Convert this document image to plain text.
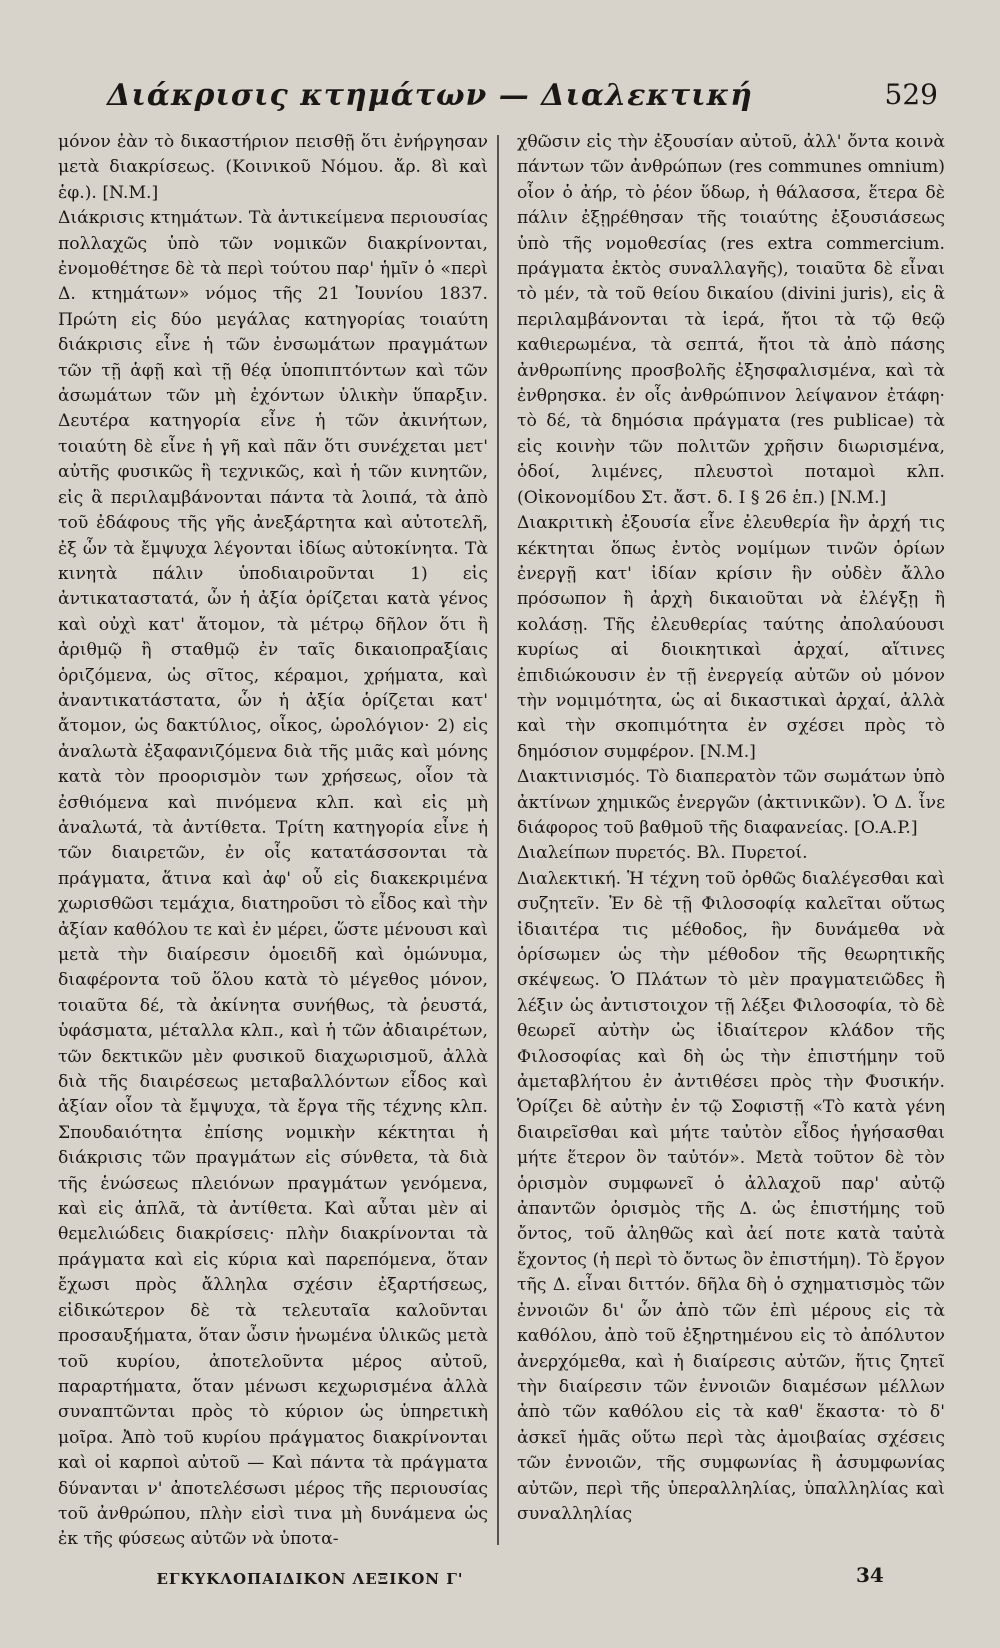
Διάκρισις κτημάτων — Διαλεκτική	529

μόνον ἐὰν τὸ δικαστήριον πεισθῇ ὅτι ἐνήργησαν μετὰ διακρίσεως. (Κοινικοῦ Νόμου. ἄρ. 8ὶ καὶ ἑφ.). [N.M.]

Διάκρισις κτημάτων. Τὰ ἀντικείμενα περιουσίας πολλαχῶς ὑπὸ τῶν νομικῶν διακρίνονται, ἐνομοθέτησε δὲ τὰ περὶ τούτου παρ' ἡμῖν ὁ «περὶ Δ. κτημάτων» νόμος τῆς 21 Ἰουνίου 1837. Πρώτη εἰς δύο μεγάλας κατηγορίας τοιαύτη διάκρισις εἶνε ἡ τῶν ἐνσωμάτων πραγμάτων τῶν τῇ ἁφῇ καὶ τῇ θέᾳ ὑποπιπτόντων καὶ τῶν ἀσωμάτων τῶν μὴ ἐχόντων ὑλικὴν ὕπαρξιν. Δευτέρα κατηγορία εἶνε ἡ τῶν ἀκινήτων, τοιαύτη δὲ εἶνε ἡ γῆ καὶ πᾶν ὅτι συνέχεται μετ' αὐτῆς φυσικῶς ἢ τεχνικῶς, καὶ ἡ τῶν κινητῶν, εἰς ἃ περιλαμβάνονται πάντα τὰ λοιπά, τὰ ἀπὸ τοῦ ἐδάφους τῆς γῆς ἀνεξάρτητα καὶ αὐτοτελῆ, ἐξ ὧν τὰ ἔμψυχα λέγονται ἰδίως αὐτοκίνητα. Τὰ κινητὰ πάλιν ὑποδιαιροῦνται 1) εἰς ἀντικαταστατά, ὧν ἡ ἀξία ὁρίζεται κατὰ γένος καὶ οὐχὶ κατ' ἄτομον, τὰ μέτρῳ δῆλον ὅτι ἢ ἀριθμῷ ἢ σταθμῷ ἐν ταῖς δικαιοπραξίαις ὁριζόμενα, ὡς σῖτος, κέραμοι, χρήματα, καὶ ἀναντικατάστατα, ὧν ἡ ἀξία ὁρίζεται κατ' ἄτομον, ὡς δακτύλιος, οἶκος, ὡρολόγιον· 2) εἰς ἀναλωτὰ ἐξαφανιζόμενα διὰ τῆς μιᾶς καὶ μόνης κατὰ τὸν προορισμὸν των χρήσεως, οἷον τὰ ἐσθιόμενα καὶ πινόμενα κλπ. καὶ εἰς μὴ ἀναλωτά, τὰ ἀντίθετα. Τρίτη κατηγορία εἶνε ἡ τῶν διαιρετῶν, ἐν οἷς κατατάσσονται τὰ πράγματα, ἅτινα καὶ ἀφ' οὗ εἰς διακεκριμένα χωρισθῶσι τεμάχια, διατηροῦσι τὸ εἶδος καὶ τὴν ἀξίαν καθόλου τε καὶ ἐν μέρει, ὥστε μένουσι καὶ μετὰ τὴν διαίρεσιν ὁμοειδῆ καὶ ὁμώνυμα, διαφέροντα τοῦ ὅλου κατὰ τὸ μέγεθος μόνον, τοιαῦτα δέ, τὰ ἀκίνητα συνήθως, τὰ ῥευστά, ὑφάσματα, μέταλλα κλπ., καὶ ἡ τῶν ἀδιαιρέτων, τῶν δεκτικῶν μὲν φυσικοῦ διαχωρισμοῦ, ἀλλὰ διὰ τῆς διαιρέσεως μεταβαλλόντων εἶδος καὶ ἀξίαν οἷον τὰ ἔμψυχα, τὰ ἔργα τῆς τέχνης κλπ. Σπουδαιότητα ἐπίσης νομικὴν κέκτηται ἡ διάκρισις τῶν πραγμάτων εἰς σύνθετα, τὰ διὰ τῆς ἑνώσεως πλειόνων πραγμάτων γενόμενα, καὶ εἰς ἁπλᾶ, τὰ ἀντίθετα. Καὶ αὗται μὲν αἱ θεμελιώδεις διακρίσεις· πλὴν διακρίνονται τὰ πράγματα καὶ εἰς κύρια καὶ παρεπόμενα, ὅταν ἔχωσι πρὸς ἄλληλα σχέσιν ἐξαρτήσεως, εἰδικώτερον δὲ τὰ τελευταῖα καλοῦνται προσαυξήματα, ὅταν ὦσιν ἡνωμένα ὑλικῶς μετὰ τοῦ κυρίου, ἀποτελοῦντα μέρος αὐτοῦ, παραρτήματα, ὅταν μένωσι κεχωρισμένα ἀλλὰ συναπτῶνται πρὸς τὸ κύριον ὡς ὑπηρετικὴ μοῖρα. Ἀπὸ τοῦ κυρίου πράγματος διακρίνονται καὶ οἱ καρποὶ αὐτοῦ — Καὶ πάντα τὰ πράγματα δύνανται ν' ἀποτελέσωσι μέρος τῆς περιουσίας τοῦ ἀνθρώπου, πλὴν εἰσὶ τινα μὴ δυνάμενα ὡς ἐκ τῆς φύσεως αὐτῶν νὰ ὑποτα-

χθῶσιν εἰς τὴν ἐξουσίαν αὐτοῦ, ἀλλ' ὄντα κοινὰ πάντων τῶν ἀνθρώπων (res communes omnium) οἷον ὁ ἀήρ, τὸ ῥέον ὕδωρ, ἡ θάλασσα, ἕτερα δὲ πάλιν ἐξῃρέθησαν τῆς τοιαύτης ἐξουσιάσεως ὑπὸ τῆς νομοθεσίας (res extra commercium. πράγματα ἐκτὸς συναλλαγῆς), τοιαῦτα δὲ εἶναι τὸ μέν, τὰ τοῦ θείου δικαίου (divini juris), εἰς ἃ περιλαμβάνονται τὰ ἱερά, ἤτοι τὰ τῷ θεῷ καθιερωμένα, τὰ σεπτά, ἤτοι τὰ ἀπὸ πάσης ἀνθρωπίνης προσβολῆς ἐξησφαλισμένα, καὶ τὰ ἐνθρησκα. ἐν οἷς ἀνθρώπινον λείψανον ἐτάφη· τὸ δέ, τὰ δημόσια πράγματα (res publicae) τὰ εἰς κοινὴν τῶν πολιτῶν χρῆσιν διωρισμένα, ὁδοί, λιμένες, πλευστοὶ ποταμοὶ κλπ. (Οἰκονομίδου Στ. ἄστ. δ. I § 26 ἑπ.) [N.M.]

Διακριτικὴ ἐξουσία εἶνε ἐλευθερία ἣν ἀρχή τις κέκτηται ὅπως ἐντὸς νομίμων τινῶν ὁρίων ἐνεργῇ κατ' ἰδίαν κρίσιν ἣν οὐδὲν ἄλλο πρόσωπον ἢ ἀρχὴ δικαιοῦται νὰ ἐλέγξῃ ἢ κολάσῃ. Τῆς ἐλευθερίας ταύτης ἀπολαύουσι κυρίως αἱ διοικητικαὶ ἀρχαί, αἵτινες ἐπιδιώκουσιν ἐν τῇ ἐνεργείᾳ αὐτῶν οὐ μόνον τὴν νομιμότητα, ὡς αἱ δικαστικαὶ ἀρχαί, ἀλλὰ καὶ τὴν σκοπιμότητα ἐν σχέσει πρὸς τὸ δημόσιον συμφέρον. [N.M.]

Διακτινισμός. Τὸ διαπερατὸν τῶν σωμάτων ὑπὸ ἀκτίνων χημικῶς ἐνεργῶν (ἀκτινικῶν). Ὁ Δ. ἶνε διάφορος τοῦ βαθμοῦ τῆς διαφανείας. [O.A.P.]

Διαλείπων πυρετός. Βλ. Πυρετοί.

Διαλεκτική. Ἡ τέχνη τοῦ ὀρθῶς διαλέγεσθαι καὶ συζητεῖν. Ἐν δὲ τῇ Φιλοσοφίᾳ καλεῖται οὕτως ἰδιαιτέρα τις μέθοδος, ἣν δυνάμεθα νὰ ὁρίσωμεν ὡς τὴν μέθοδον τῆς θεωρητικῆς σκέψεως. Ὁ Πλάτων τὸ μὲν πραγματειῶδες ἢ λέξιν ὡς ἀντιστοιχον τῇ λέξει Φιλοσοφία, τὸ δὲ θεωρεῖ αὐτὴν ὡς ἰδιαίτερον κλάδον τῆς Φιλοσοφίας καὶ δὴ ὡς τὴν ἐπιστήμην τοῦ ἀμεταβλήτου ἐν ἀντιθέσει πρὸς τὴν Φυσικήν. Ὁρίζει δὲ αὐτὴν ἐν τῷ Σοφιστῇ «Τὸ κατὰ γένη διαιρεῖσθαι καὶ μήτε ταὐτὸν εἶδος ἡγήσασθαι μήτε ἕτερον ὂν ταὐτόν». Μετὰ τοῦτον δὲ τὸν ὁρισμὸν συμφωνεῖ ὁ ἀλλαχοῦ παρ' αὐτῷ ἀπαντῶν ὁρισμὸς τῆς Δ. ὡς ἐπιστήμης τοῦ ὄντος, τοῦ ἀληθῶς καὶ ἀεί ποτε κατὰ ταὐτὰ ἔχοντος (ἡ περὶ τὸ ὄντως ὂν ἐπιστήμη). Τὸ ἔργον τῆς Δ. εἶναι διττόν. δῆλα δὴ ὁ σχηματισμὸς τῶν ἐννοιῶν δι' ὧν ἀπὸ τῶν ἐπὶ μέρους εἰς τὰ καθόλου, ἀπὸ τοῦ ἐξηρτημένου εἰς τὸ ἀπόλυτον ἀνερχόμεθα, καὶ ἡ διαίρεσις αὐτῶν, ἥτις ζητεῖ τὴν διαίρεσιν τῶν ἐννοιῶν διαμέσων μέλλων ἀπὸ τῶν καθόλου εἰς τὰ καθ' ἕκαστα· τὸ δ' ἀσκεῖ ἡμᾶς οὕτω περὶ τὰς ἀμοιβαίας σχέσεις τῶν ἐννοιῶν, τῆς συμφωνίας ἢ ἀσυμφωνίας αὐτῶν, περὶ τῆς ὑπεραλληλίας, ὑπαλληλίας καὶ συναλληλίας

ΕΓΚΥΚΛΟΠΑΙΔΙΚΟΝ ΛΕΞΙΚΟΝ Γ'	34
